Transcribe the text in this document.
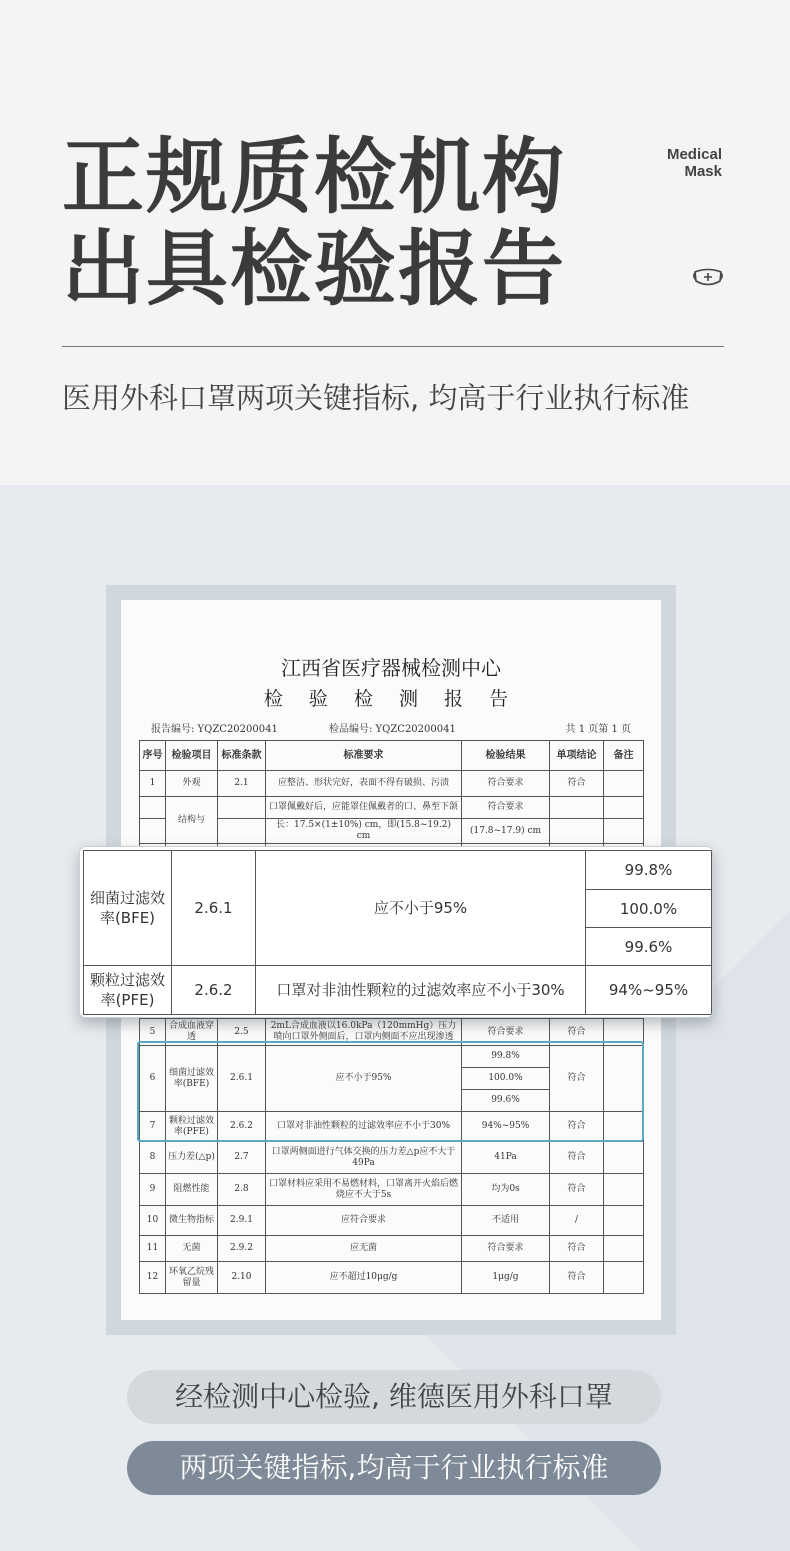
正规质检机构
出具检验报告
Medical
Mask
医用外科口罩两项关键指标, 均高于行业执行标准
江西省医疗器械检测中心
检 验 检 测 报 告
报告编号: YQZC20200041	检品编号: YQZC20200041	共 1 页第 1 页
序号	检验项目	标准条款	标准要求	检验结果	单项结论	备注
1	外观	2.1	应整洁、形状完好，表面不得有破损、污渍	符合要求	符合	
	结构与		口罩佩戴好后，应能罩住佩戴者的口、鼻至下颌	符合要求		
			长：17.5×(1±10%) cm，即(15.8~19.2) cm	(17.8~17.9) cm		

5	合成血液穿透	2.5	2mL合成血液以16.0kPa（120mmHg）压力喷向口罩外侧面后，口罩内侧面不应出现渗透	符合要求	符合	
6	细菌过滤效率(BFE)	2.6.1	应不小于95%	99.8%	符合	
				100.0%		
				99.6%		
7	颗粒过滤效率(PFE)	2.6.2	口罩对非油性颗粒的过滤效率应不小于30%	94%~95%	符合	
8	压力差(△p)	2.7	口罩两侧面进行气体交换的压力差△p应不大于49Pa	41Pa	符合	
9	阻燃性能	2.8	口罩材料应采用不易燃材料，口罩离开火焰后燃烧应不大于5s	均为0s	符合	
10	微生物指标	2.9.1	应符合要求	不适用	/	
11	无菌	2.9.2	应无菌	符合要求	符合	
12	环氧乙烷残留量	2.10	应不超过10μg/g	1μg/g	符合	
细菌过滤效率(BFE)	2.6.1	应不小于95%	99.8%
			100.0%
			99.6%
颗粒过滤效率(PFE)	2.6.2	口罩对非油性颗粒的过滤效率应不小于30%	94%~95%
经检测中心检验, 维德医用外科口罩
两项关键指标,均高于行业执行标准
